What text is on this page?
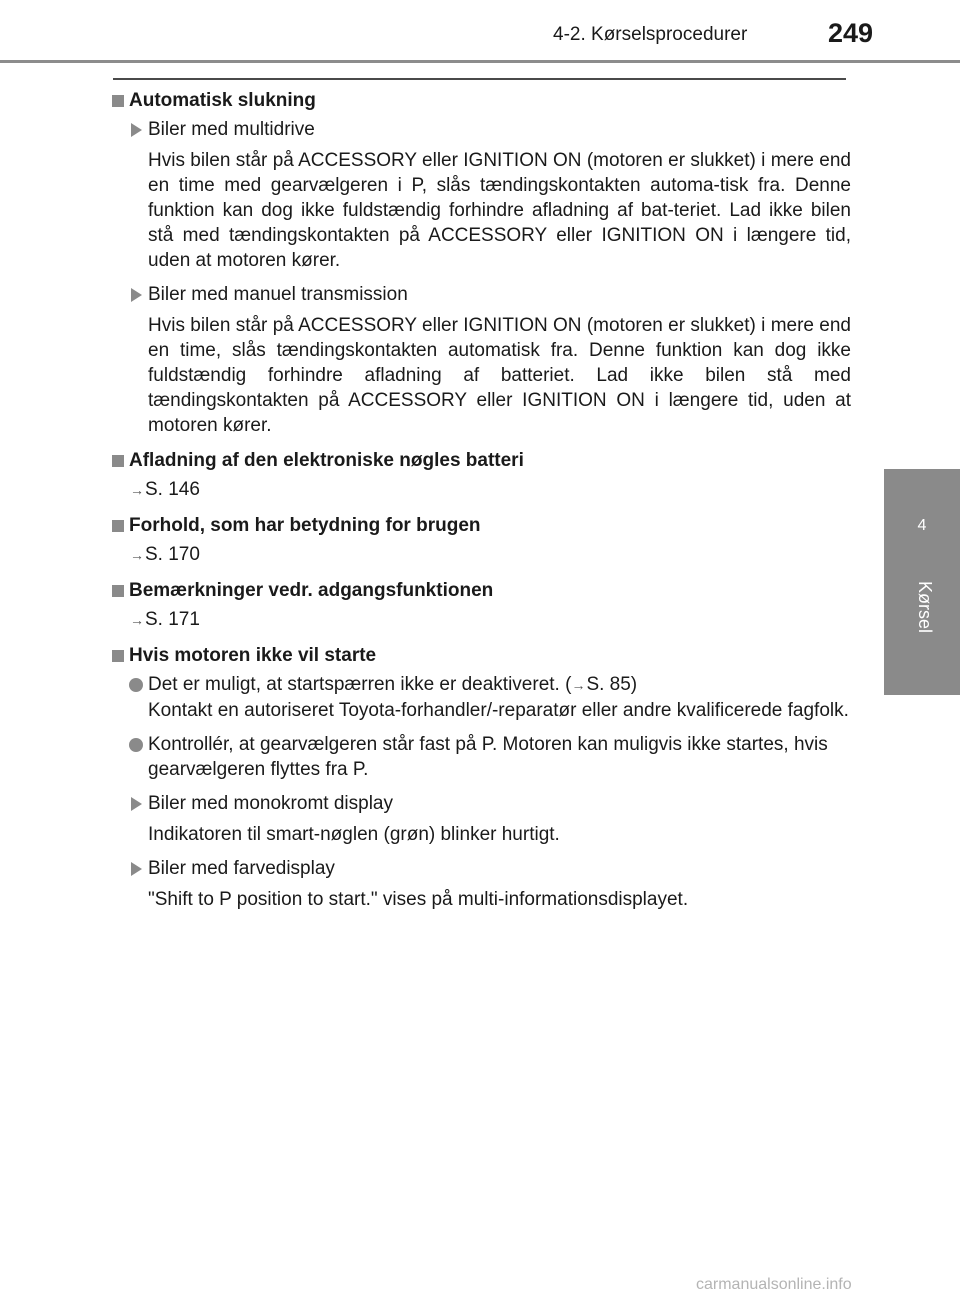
4-2. Kørselsprocedurer	249
4
Kørsel
Automatisk slukning
Biler med multidrive
Hvis bilen står på ACCESSORY eller IGNITION ON (motoren er slukket) i mere end en time med gearvælgeren i P, slås tændingskontakten automa-tisk fra. Denne funktion kan dog ikke fuldstændig forhindre afladning af bat-teriet. Lad ikke bilen stå med tændingskontakten på ACCESSORY eller IGNITION ON i længere tid, uden at motoren kører.
Biler med manuel transmission
Hvis bilen står på ACCESSORY eller IGNITION ON (motoren er slukket) i mere end en time, slås tændingskontakten automatisk fra. Denne funktion kan dog ikke fuldstændig forhindre afladning af batteriet. Lad ikke bilen stå med tændingskontakten på ACCESSORY eller IGNITION ON i længere tid, uden at motoren kører.
Afladning af den elektroniske nøgles batteri
→S. 146
Forhold, som har betydning for brugen
→S. 170
Bemærkninger vedr. adgangsfunktionen
→S. 171
Hvis motoren ikke vil starte
Det er muligt, at startspærren ikke er deaktiveret. (→S. 85)
Kontakt en autoriseret Toyota-forhandler/-reparatør eller andre kvalificerede fagfolk.
Kontrollér, at gearvælgeren står fast på P. Motoren kan muligvis ikke startes, hvis gearvælgeren flyttes fra P.
Biler med monokromt display
Indikatoren til smart-nøglen (grøn) blinker hurtigt.
Biler med farvedisplay
"Shift to P position to start." vises på multi-informationsdisplayet.
carmanualsonline.info
